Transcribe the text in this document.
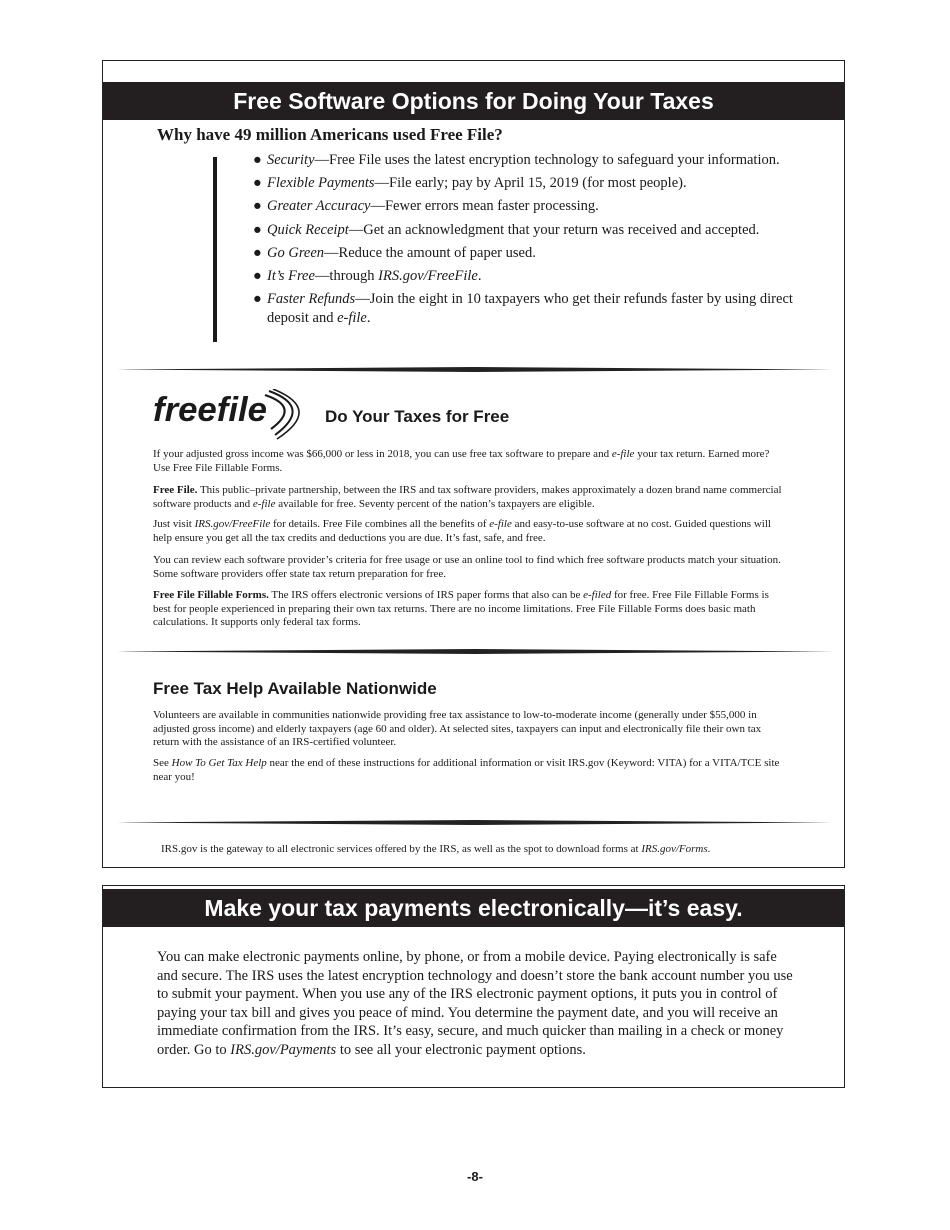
Free Software Options for Doing Your Taxes
Why have 49 million Americans used Free File?
● Security—Free File uses the latest encryption technology to safeguard your information.
● Flexible Payments—File early; pay by April 15, 2019 (for most people).
● Greater Accuracy—Fewer errors mean faster processing.
● Quick Receipt—Get an acknowledgment that your return was received and accepted.
● Go Green—Reduce the amount of paper used.
● It’s Free—through IRS.gov/FreeFile.
● Faster Refunds—Join the eight in 10 taxpayers who get their refunds faster by using direct deposit and e-file.
freefile	Do Your Taxes for Free

If your adjusted gross income was $66,000 or less in 2018, you can use free tax software to prepare and e-file your tax return. Earned more? Use Free File Fillable Forms.

Free File. This public–private partnership, between the IRS and tax software providers, makes approximately a dozen brand name commercial software products and e-file available for free. Seventy percent of the nation’s taxpayers are eligible.

Just visit IRS.gov/FreeFile for details. Free File combines all the benefits of e-file and easy-to-use software at no cost. Guided questions will help ensure you get all the tax credits and deductions you are due. It’s fast, safe, and free.

You can review each software provider’s criteria for free usage or use an online tool to find which free software products match your situation. Some software providers offer state tax return preparation for free.

Free File Fillable Forms. The IRS offers electronic versions of IRS paper forms that also can be e-filed for free. Free File Fillable Forms is best for people experienced in preparing their own tax returns. There are no income limitations. Free File Fillable Forms does basic math calculations. It supports only federal tax forms.

Free Tax Help Available Nationwide

Volunteers are available in communities nationwide providing free tax assistance to low-to-moderate income (generally under $55,000 in adjusted gross income) and elderly taxpayers (age 60 and older). At selected sites, taxpayers can input and electronically file their own tax return with the assistance of an IRS-certified volunteer.

See How To Get Tax Help near the end of these instructions for additional information or visit IRS.gov (Keyword: VITA) for a VITA/TCE site near you!

IRS.gov is the gateway to all electronic services offered by the IRS, as well as the spot to download forms at IRS.gov/Forms.

Make your tax payments electronically—it’s easy.

You can make electronic payments online, by phone, or from a mobile device. Paying electronically is safe and secure. The IRS uses the latest encryption technology and doesn’t store the bank account number you use to submit your payment. When you use any of the IRS electronic payment options, it puts you in control of paying your tax bill and gives you peace of mind. You determine the payment date, and you will receive an immediate confirmation from the IRS. It’s easy, secure, and much quicker than mailing in a check or money order. Go to IRS.gov/Payments to see all your electronic payment options.

-8-
